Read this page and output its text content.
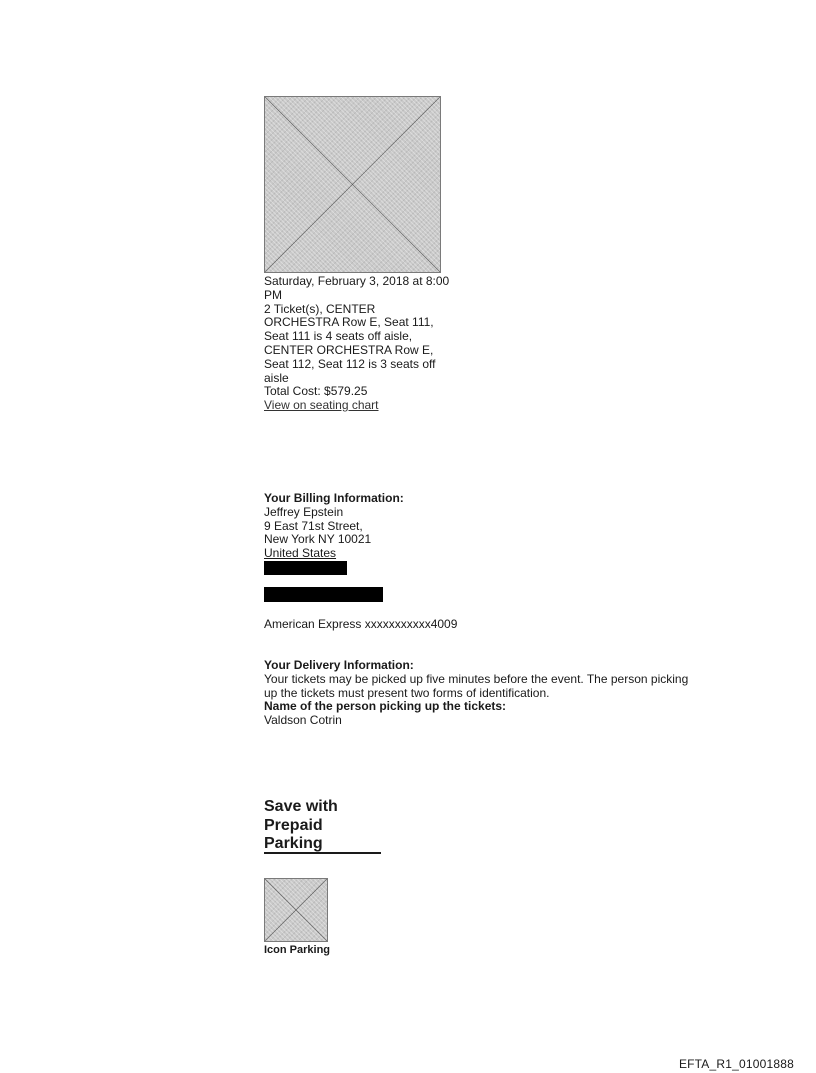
Saturday, February 3, 2018 at 8:00
PM
2 Ticket(s), CENTER
ORCHESTRA Row E, Seat 111,
Seat 111 is 4 seats off aisle,
CENTER ORCHESTRA Row E,
Seat 112, Seat 112 is 3 seats off
aisle
Total Cost: $579.25
View on seating chart
Your Billing Information:
Jeffrey Epstein
9 East 71st Street,
New York NY 10021
United States
American Express xxxxxxxxxxx4009
Your Delivery Information:
Your tickets may be picked up five minutes before the event. The person picking
up the tickets must present two forms of identification.
Name of the person picking up the tickets:
Valdson Cotrin
Save with
Prepaid
Parking
Icon Parking
EFTA_R1_01001888
